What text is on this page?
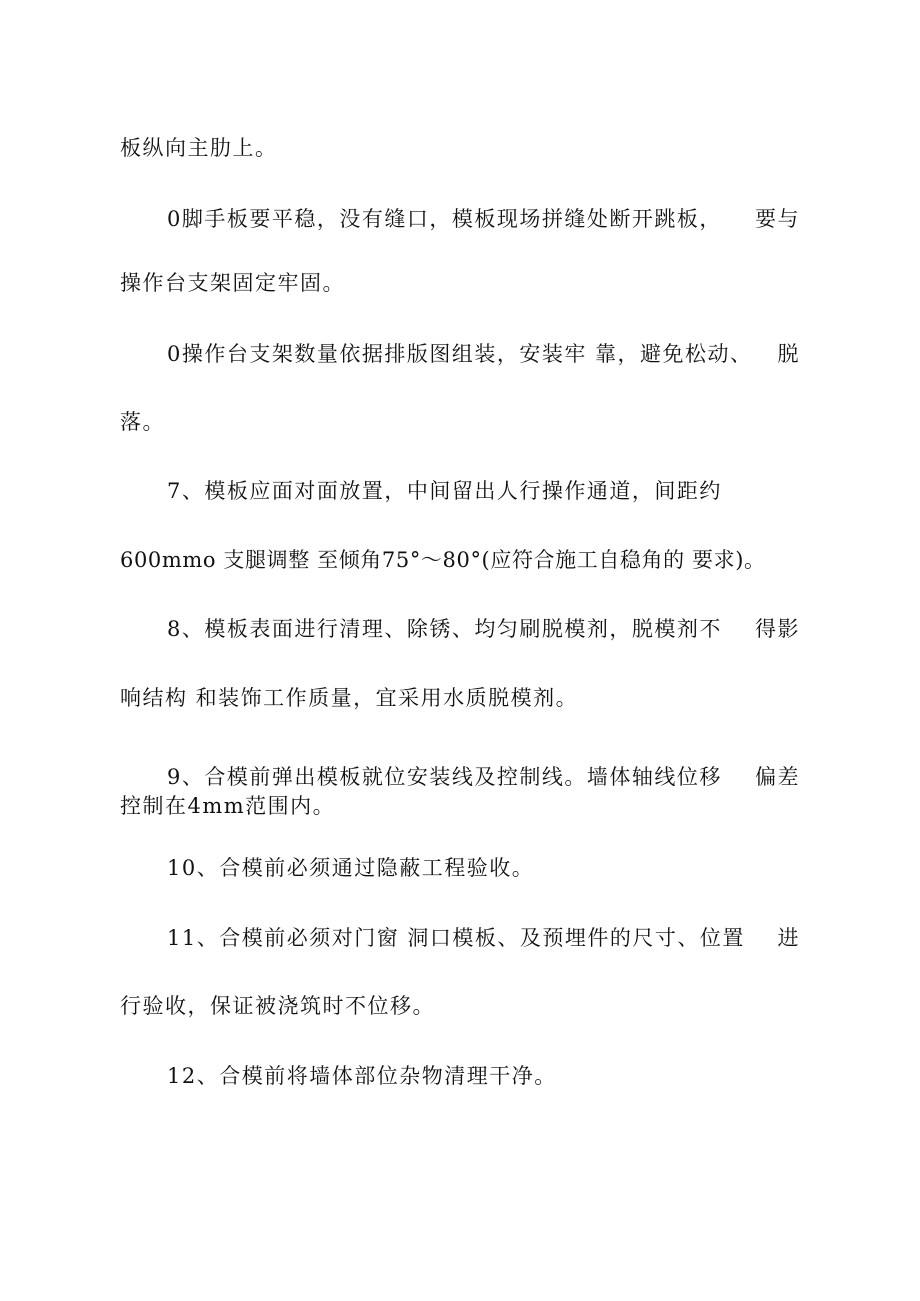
板纵向主肋上。
0脚手板要平稳，没有缝口，模板现场拼缝处断开跳板， 要与
操作台支架固定牢固。
0操作台支架数量依据排版图组装，安装牢 靠，避免松动、 脱
落。
7、模板应面对面放置，中间留出人行操作通道，间距约
600mmo 支腿调整 至倾角75°～80°(应符合施工自稳角的 要求)。
8、模板表面进行清理、除锈、均匀刷脱模剂，脱模剂不 得影
响结构 和装饰工作质量，宜采用水质脱模剂。
9、合模前弹出模板就位安装线及控制线。墙体轴线位移 偏差
控制在4mm范围内。
10、合模前必须通过隐蔽工程验收。
11、合模前必须对门窗 洞口模板、及预埋件的尺寸、位置 进
行验收，保证被浇筑时不位移。
12、合模前将墙体部位杂物清理干净。
